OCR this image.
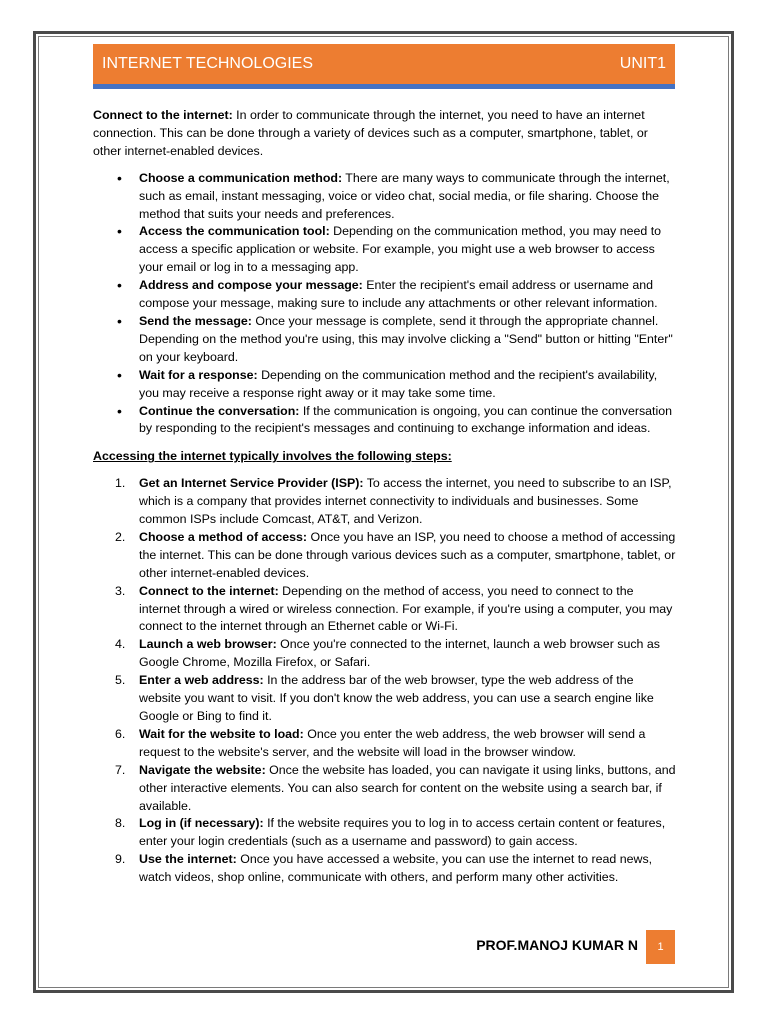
INTERNET TECHNOLOGIES	UNIT1

Connect to the internet: In order to communicate through the internet, you need to have an internet connection. This can be done through a variety of devices such as a computer, smartphone, tablet, or other internet-enabled devices.

• Choose a communication method: There are many ways to communicate through the internet, such as email, instant messaging, voice or video chat, social media, or file sharing. Choose the method that suits your needs and preferences.
• Access the communication tool: Depending on the communication method, you may need to access a specific application or website. For example, you might use a web browser to access your email or log in to a messaging app.
• Address and compose your message: Enter the recipient's email address or username and compose your message, making sure to include any attachments or other relevant information.
• Send the message: Once your message is complete, send it through the appropriate channel. Depending on the method you're using, this may involve clicking a "Send" button or hitting "Enter" on your keyboard.
• Wait for a response: Depending on the communication method and the recipient's availability, you may receive a response right away or it may take some time.
• Continue the conversation: If the communication is ongoing, you can continue the conversation by responding to the recipient's messages and continuing to exchange information and ideas.

Accessing the internet typically involves the following steps:

1. Get an Internet Service Provider (ISP): To access the internet, you need to subscribe to an ISP, which is a company that provides internet connectivity to individuals and businesses. Some common ISPs include Comcast, AT&T, and Verizon.
2. Choose a method of access: Once you have an ISP, you need to choose a method of accessing the internet. This can be done through various devices such as a computer, smartphone, tablet, or other internet-enabled devices.
3. Connect to the internet: Depending on the method of access, you need to connect to the internet through a wired or wireless connection. For example, if you're using a computer, you may connect to the internet through an Ethernet cable or Wi-Fi.
4. Launch a web browser: Once you're connected to the internet, launch a web browser such as Google Chrome, Mozilla Firefox, or Safari.
5. Enter a web address: In the address bar of the web browser, type the web address of the website you want to visit. If you don't know the web address, you can use a search engine like Google or Bing to find it.
6. Wait for the website to load: Once you enter the web address, the web browser will send a request to the website's server, and the website will load in the browser window.
7. Navigate the website: Once the website has loaded, you can navigate it using links, buttons, and other interactive elements. You can also search for content on the website using a search bar, if available.
8. Log in (if necessary): If the website requires you to log in to access certain content or features, enter your login credentials (such as a username and password) to gain access.
9. Use the internet: Once you have accessed a website, you can use the internet to read news, watch videos, shop online, communicate with others, and perform many other activities.
PROF.MANOJ KUMAR N 1
